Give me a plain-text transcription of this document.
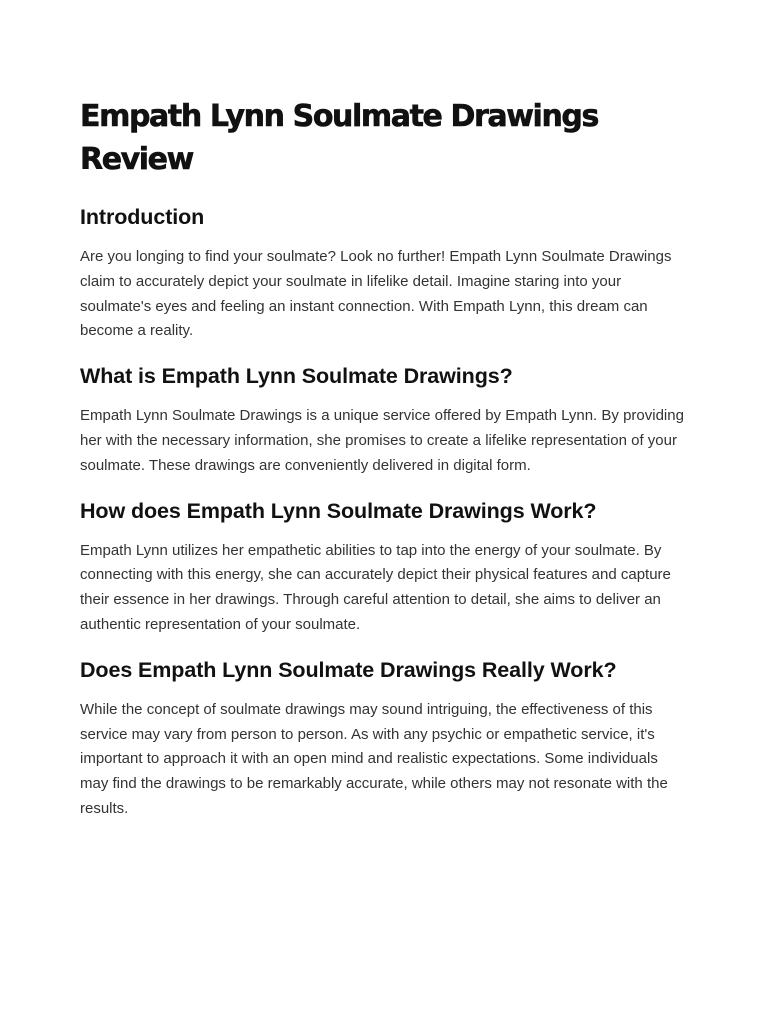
Empath Lynn Soulmate Drawings Review
Introduction

Are you longing to find your soulmate? Look no further! Empath Lynn Soulmate Drawings claim to accurately depict your soulmate in lifelike detail. Imagine staring into your soulmate's eyes and feeling an instant connection. With Empath Lynn, this dream can become a reality.

What is Empath Lynn Soulmate Drawings?

Empath Lynn Soulmate Drawings is a unique service offered by Empath Lynn. By providing her with the necessary information, she promises to create a lifelike representation of your soulmate. These drawings are conveniently delivered in digital form.

How does Empath Lynn Soulmate Drawings Work?

Empath Lynn utilizes her empathetic abilities to tap into the energy of your soulmate. By connecting with this energy, she can accurately depict their physical features and capture their essence in her drawings. Through careful attention to detail, she aims to deliver an authentic representation of your soulmate.

Does Empath Lynn Soulmate Drawings Really Work?

While the concept of soulmate drawings may sound intriguing, the effectiveness of this service may vary from person to person. As with any psychic or empathetic service, it's important to approach it with an open mind and realistic expectations. Some individuals may find the drawings to be remarkably accurate, while others may not resonate with the results.
